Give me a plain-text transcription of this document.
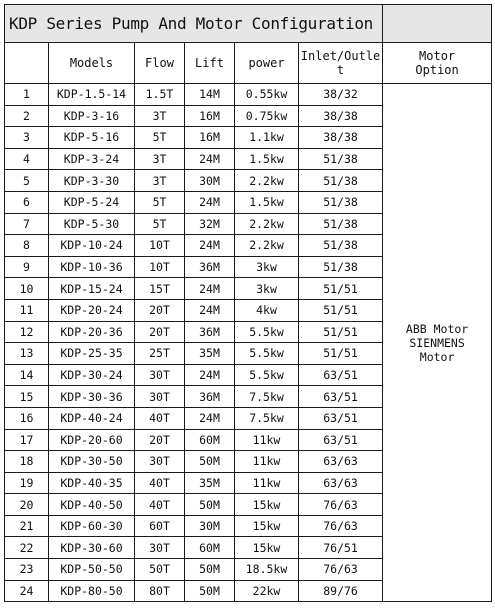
KDP Series Pump And Motor Configuration						
	Models	Flow	Lift	power	Inlet/Outlet	Motor Option
1	KDP-1.5-14	1.5T	14M	0.55kw	38/32	ABB Motor
SIENMENS
Motor

2	KDP-3-16	3T	16M	0.75kw	38/38	
3	KDP-5-16	5T	16M	1.1kw	38/38	
4	KDP-3-24	3T	24M	1.5kw	51/38	
5	KDP-3-30	3T	30M	2.2kw	51/38	
6	KDP-5-24	5T	24M	1.5kw	51/38	
7	KDP-5-30	5T	32M	2.2kw	51/38	
8	KDP-10-24	10T	24M	2.2kw	51/38	
9	KDP-10-36	10T	36M	3kw	51/38	
10	KDP-15-24	15T	24M	3kw	51/51	
11	KDP-20-24	20T	24M	4kw	51/51	
12	KDP-20-36	20T	36M	5.5kw	51/51	
13	KDP-25-35	25T	35M	5.5kw	51/51	
14	KDP-30-24	30T	24M	5.5kw	63/51	
15	KDP-30-36	30T	36M	7.5kw	63/51	
16	KDP-40-24	40T	24M	7.5kw	63/51	
17	KDP-20-60	20T	60M	11kw	63/51	
18	KDP-30-50	30T	50M	11kw	63/63	
19	KDP-40-35	40T	35M	11kw	63/63	
20	KDP-40-50	40T	50M	15kw	76/63	
21	KDP-60-30	60T	30M	15kw	76/63	
22	KDP-30-60	30T	60M	15kw	76/51	
23	KDP-50-50	50T	50M	18.5kw	76/63	
24	KDP-80-50	80T	50M	22kw	89/76	
